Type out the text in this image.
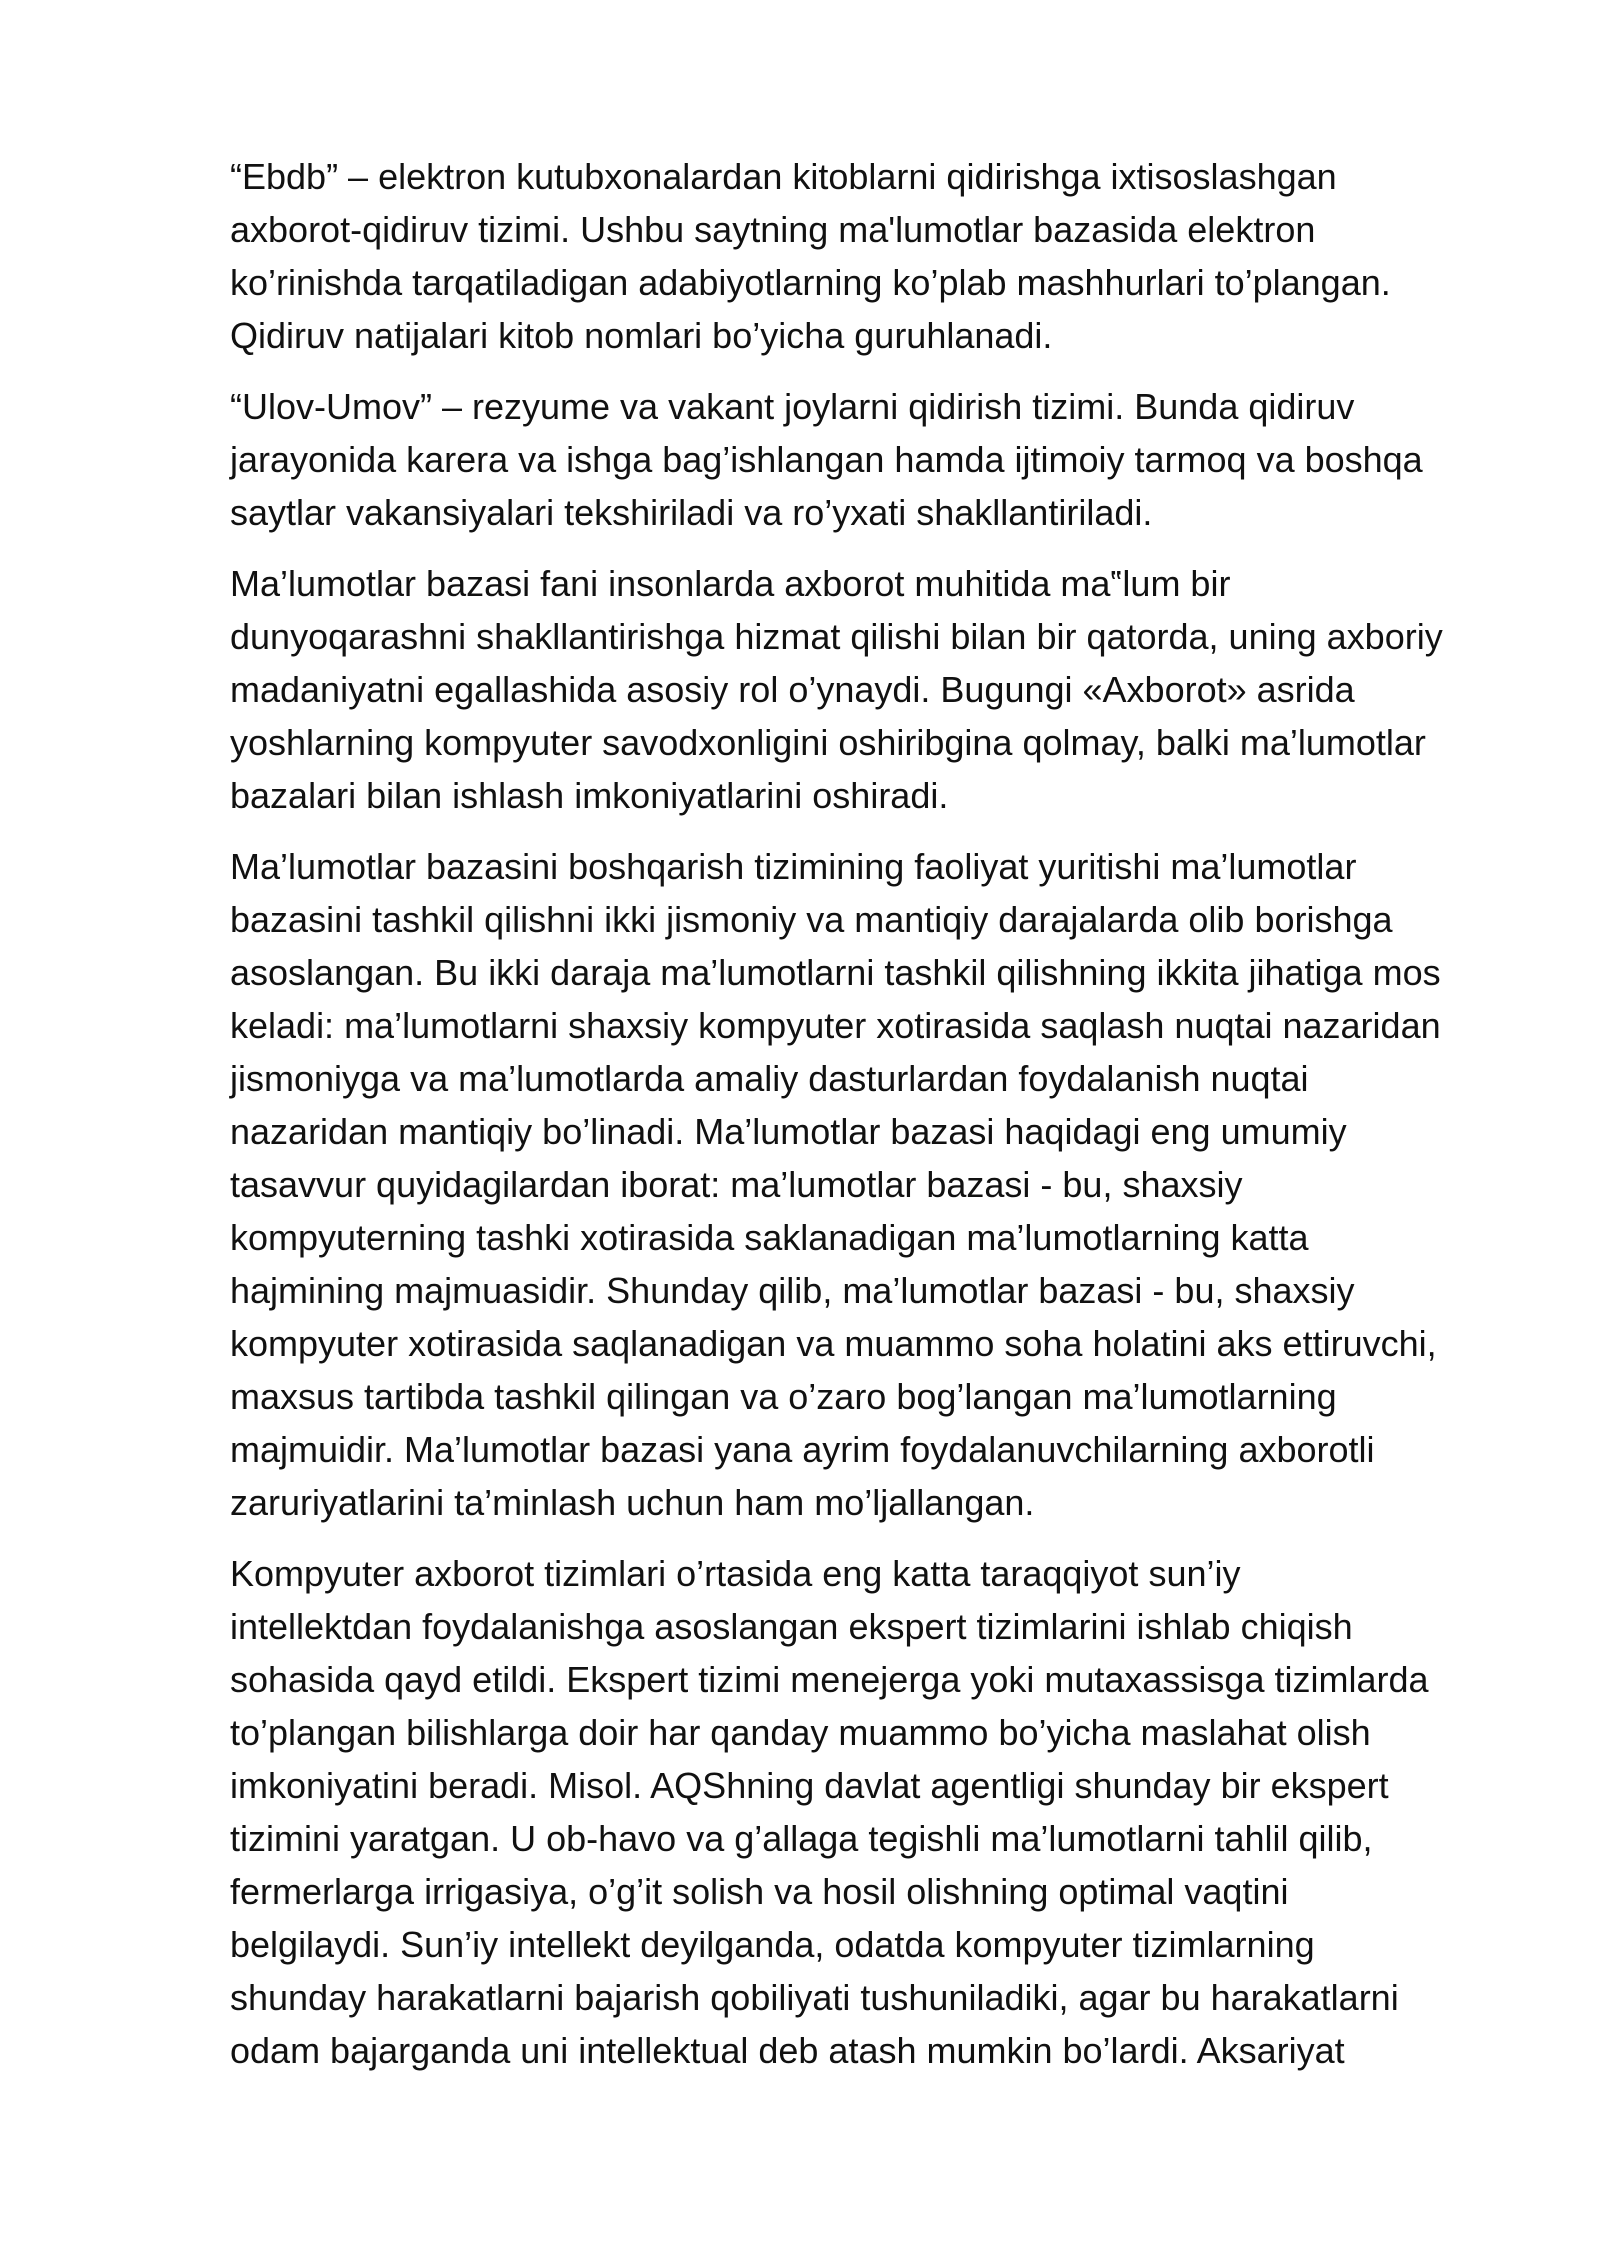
“Ebdb” – elektron kutubxonalardan kitoblarni qidirishga ixtisoslashgan
axborot-qidiruv tizimi. Ushbu saytning ma'lumotlar bazasida elektron
ko’rinishda tarqatiladigan adabiyotlarning ko’plab mashhurlari to’plangan.
Qidiruv natijalari kitob nomlari bo’yicha guruhlanadi.

“Ulov-Umov” – rezyume va vakant joylarni qidirish tizimi. Bunda qidiruv
jarayonida karera va ishga bag’ishlangan hamda ijtimoiy tarmoq va boshqa
saytlar vakansiyalari tekshiriladi va ro’yxati shakllantiriladi.

Ma’lumotlar bazasi fani insonlarda axborot muhitida ma‟lum bir
dunyoqarashni shakllantirishga hizmat qilishi bilan bir qatorda, uning axboriy
madaniyatni egallashida asosiy rol o’ynaydi. Bugungi «Axborot» asrida
yoshlarning kompyuter savodxonligini oshiribgina qolmay, balki ma’lumotlar
bazalari bilan ishlash imkoniyatlarini oshiradi.

Ma’lumotlar bazasini boshqarish tizimining faoliyat yuritishi ma’lumotlar
bazasini tashkil qilishni ikki jismoniy va mantiqiy darajalarda olib borishga
asoslangan. Bu ikki daraja ma’lumotlarni tashkil qilishning ikkita jihatiga mos
keladi: ma’lumotlarni shaxsiy kompyuter xotirasida saqlash nuqtai nazaridan
jismoniyga va ma’lumotlarda amaliy dasturlardan foydalanish nuqtai
nazaridan mantiqiy bo’linadi. Ma’lumotlar bazasi haqidagi eng umumiy
tasavvur quyidagilardan iborat: ma’lumotlar bazasi - bu, shaxsiy
kompyuterning tashki xotirasida saklanadigan ma’lumotlarning katta
hajmining majmuasidir. Shunday qilib, ma’lumotlar bazasi - bu, shaxsiy
kompyuter xotirasida saqlanadigan va muammo soha holatini aks ettiruvchi,
maxsus tartibda tashkil qilingan va o’zaro bog’langan ma’lumotlarning
majmuidir. Ma’lumotlar bazasi yana ayrim foydalanuvchilarning axborotli
zaruriyatlarini ta’minlash uchun ham mo’ljallangan.

Kompyuter axborot tizimlari o’rtasida eng katta taraqqiyot sun’iy
intellektdan foydalanishga asoslangan ekspert tizimlarini ishlab chiqish
sohasida qayd etildi. Ekspert tizimi menejerga yoki mutaxassisga tizimlarda
to’plangan bilishlarga doir har qanday muammo bo’yicha maslahat olish
imkoniyatini beradi. Misol. AQShning davlat agentligi shunday bir ekspert
tizimini yaratgan. U ob-havo va g’allaga tegishli ma’lumotlarni tahlil qilib,
fermerlarga irrigasiya, o’g’it solish va hosil olishning optimal vaqtini
belgilaydi. Sun’iy intellekt deyilganda, odatda kompyuter tizimlarning
shunday harakatlarni bajarish qobiliyati tushuniladiki, agar bu harakatlarni
odam bajarganda uni intellektual deb atash mumkin bo’lardi. Aksariyat
